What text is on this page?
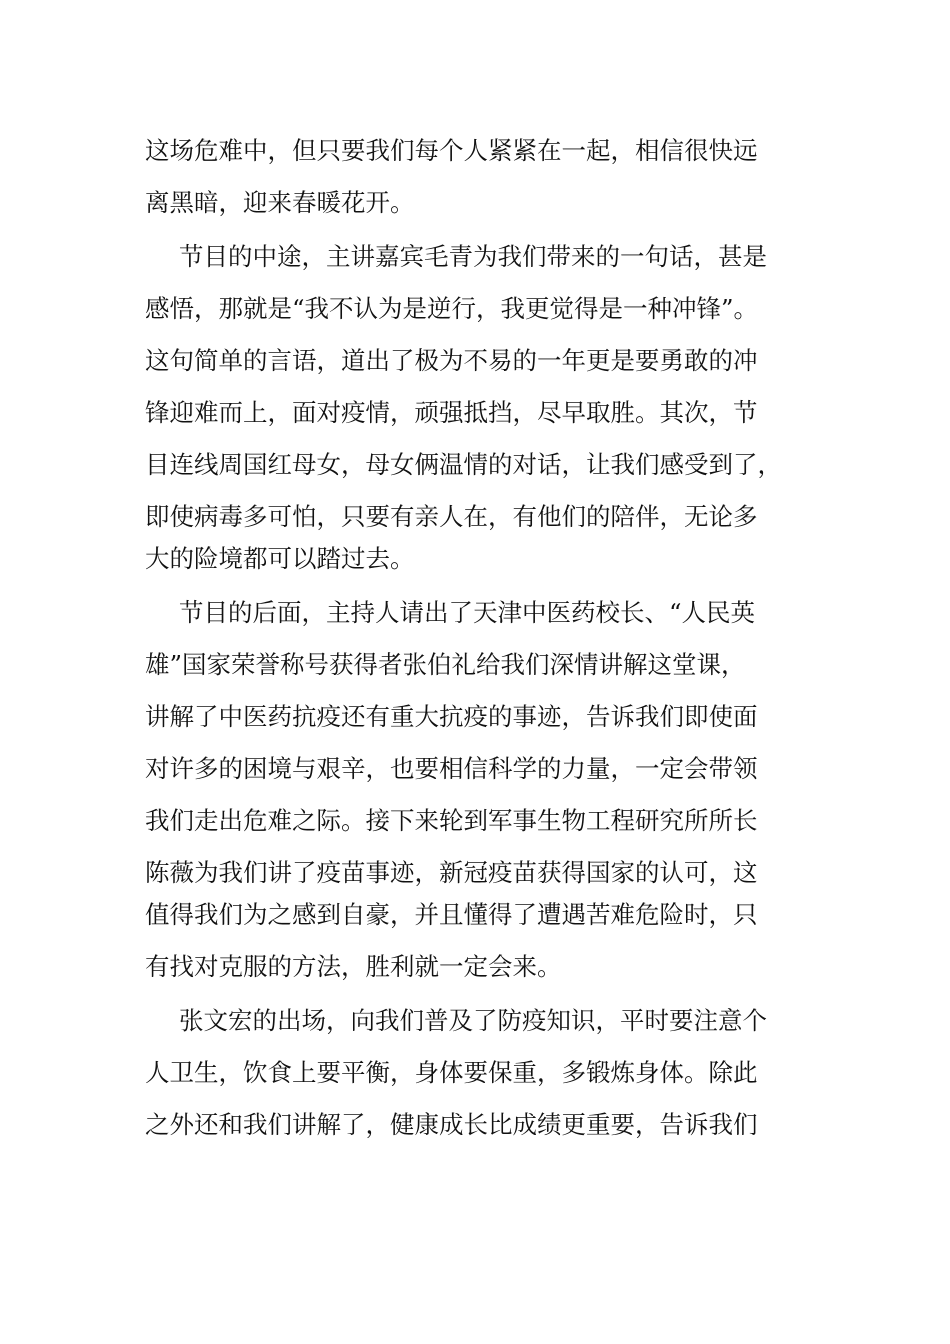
这场危难中，但只要我们每个人紧紧在一起，相信很快远
离黑暗，迎来春暖花开。
节目的中途，主讲嘉宾毛青为我们带来的一句话，甚是
感悟，那就是“我不认为是逆行，我更觉得是一种冲锋”。
这句简单的言语，道出了极为不易的一年更是要勇敢的冲
锋迎难而上，面对疫情，顽强抵挡，尽早取胜。其次，节
目连线周国红母女，母女俩温情的对话，让我们感受到了，
即使病毒多可怕，只要有亲人在，有他们的陪伴，无论多
大的险境都可以踏过去。
节目的后面，主持人请出了天津中医药校长、“人民英
雄”国家荣誉称号获得者张伯礼给我们深情讲解这堂课，
讲解了中医药抗疫还有重大抗疫的事迹，告诉我们即使面
对许多的困境与艰辛，也要相信科学的力量，一定会带领
我们走出危难之际。接下来轮到军事生物工程研究所所长
陈薇为我们讲了疫苗事迹，新冠疫苗获得国家的认可，这
值得我们为之感到自豪，并且懂得了遭遇苦难危险时，只
有找对克服的方法，胜利就一定会来。
张文宏的出场，向我们普及了防疫知识，平时要注意个
人卫生，饮食上要平衡，身体要保重，多锻炼身体。除此
之外还和我们讲解了，健康成长比成绩更重要，告诉我们
